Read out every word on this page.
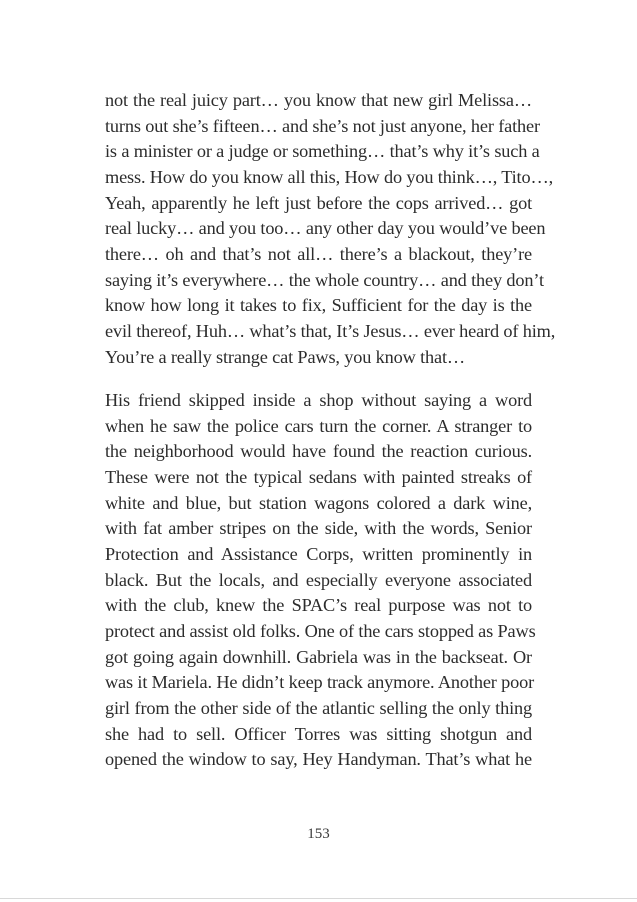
not the real juicy part… you know that new girl Melissa…
turns out she’s fifteen… and she’s not just anyone, her father
is a minister or a judge or something… that’s why it’s such a
mess. How do you know all this, How do you think…, Tito…,
Yeah, apparently he left just before the cops arrived… got
real lucky… and you too… any other day you would’ve been
there… oh and that’s not all… there’s a blackout, they’re
saying it’s everywhere… the whole country… and they don’t
know how long it takes to fix, Sufficient for the day is the
evil thereof, Huh… what’s that, It’s Jesus… ever heard of him,
You’re a really strange cat Paws, you know that…
His friend skipped inside a shop without saying a word
when he saw the police cars turn the corner. A stranger to
the neighborhood would have found the reaction curious.
These were not the typical sedans with painted streaks of
white and blue, but station wagons colored a dark wine,
with fat amber stripes on the side, with the words, Senior
Protection and Assistance Corps, written prominently in
black. But the locals, and especially everyone associated
with the club, knew the SPAC’s real purpose was not to
protect and assist old folks. One of the cars stopped as Paws
got going again downhill. Gabriela was in the backseat. Or
was it Mariela. He didn’t keep track anymore. Another poor
girl from the other side of the atlantic selling the only thing
she had to sell. Officer Torres was sitting shotgun and
opened the window to say, Hey Handyman. That’s what he
153
